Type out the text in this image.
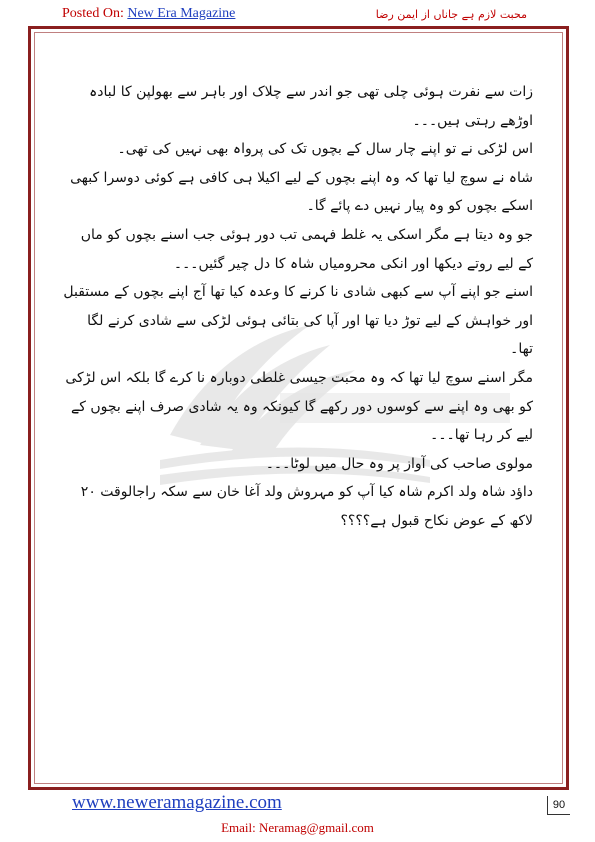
Posted On: New Era Magazine	محبت لازم ہے جاناں از ایمن رضا

زات سے نفرت ہوئی چلی تھی جو اندر سے چلاک اور باہر سے بھولپن کا لبادہ اوڑھے رہتی ہیں۔۔۔

اس لڑکی نے تو اپنے چار سال کے بچوں تک کی پرواہ بھی نہیں کی تھی۔

شاہ نے سوچ لیا تھا کہ وہ اپنے بچوں کے لیے اکیلا ہی کافی ہے کوئی دوسرا کبھی اسکے بچوں کو وہ پیار نہیں دے پائے گا۔

جو وہ دیتا ہے مگر اسکی یہ غلط فہمی تب دور ہوئی جب اسنے بچوں کو ماں کے لیے روتے دیکھا اور انکی محرومیاں شاہ کا دل چیر گئیں۔۔۔

اسنے جو اپنے آپ سے کبھی شادی نا کرنے کا وعدہ کیا تھا آج اپنے بچوں کے مستقبل اور خواہش کے لیے توڑ دیا تھا اور آپا کی بتائی ہوئی لڑکی سے شادی کرنے لگا تھا۔

مگر اسنے سوچ لیا تھا کہ وہ محبت جیسی غلطی دوبارہ نا کرے گا بلکہ اس لڑکی کو بھی وہ اپنے سے کوسوں دور رکھے گا کیونکہ وہ یہ شادی صرف اپنے بچوں کے لیے کر رہا تھا۔۔۔

مولوی صاحب کی آواز پر وہ حال میں لوٹا۔۔۔

داؤد شاہ ولد اکرم شاہ کیا آپ کو مہروش ولد آغا خان سے سکہ راجالوقت ۲۰ لاکھ کے عوض نکاح قبول ہے؟؟؟؟

www.neweramagazine.com	90
Email: Neramag@gmail.com
